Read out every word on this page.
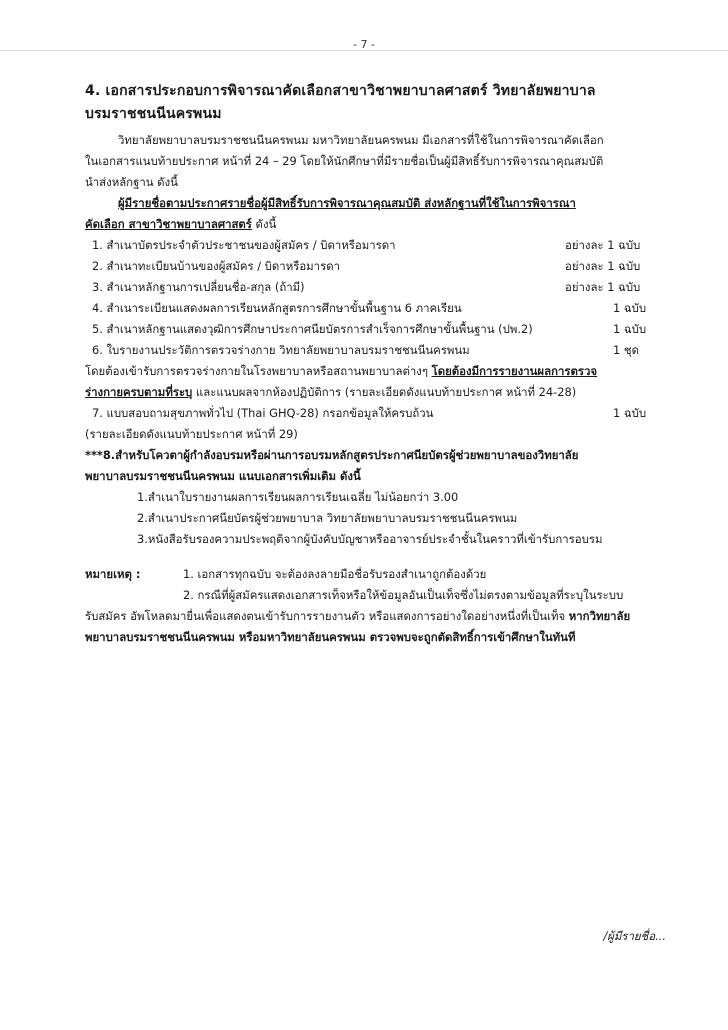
- 7 -

4. เอกสารประกอบการพิจารณาคัดเลือกสาขาวิชาพยาบาลศาสตร์ วิทยาลัยพยาบาล
บรมราชชนนีนครพนม

วิทยาลัยพยาบาลบรมราชชนนีนครพนม มหาวิทยาลัยนครพนม มีเอกสารที่ใช้ในการพิจารณาคัดเลือก

ในเอกสารแนบท้ายประกาศ หน้าที่ 24 – 29 โดยให้นักศึกษาที่มีรายชื่อเป็นผู้มีสิทธิ์รับการพิจารณาคุณสมบัติ
นำส่งหลักฐาน ดังนี้

ผู้มีรายชื่อตามประกาศรายชื่อผู้มีสิทธิ์รับการพิจารณาคุณสมบัติ ส่งหลักฐานที่ใช้ในการพิจารณา

คัดเลือก สาขาวิชาพยาบาลศาสตร์ ดังนี้

1. สำเนาบัตรประจำตัวประชาชนของผู้สมัคร / บิดาหรือมารดา	อย่างละ 1 ฉบับ
2. สำเนาทะเบียนบ้านของผู้สมัคร / บิดาหรือมารดา	อย่างละ 1 ฉบับ
3. สำเนาหลักฐานการเปลี่ยนชื่อ-สกุล (ถ้ามี)	อย่างละ 1 ฉบับ
4. สำเนาระเบียนแสดงผลการเรียนหลักสูตรการศึกษาขั้นพื้นฐาน 6 ภาคเรียน	1 ฉบับ
5. สำเนาหลักฐานแสดงวุฒิการศึกษาประกาศนียบัตรการสำเร็จการศึกษาขั้นพื้นฐาน (ปพ.2)	1 ฉบับ
6. ใบรายงานประวัติการตรวจร่างกาย วิทยาลัยพยาบาลบรมราชชนนีนครพนม	1 ชุด

โดยต้องเข้ารับการตรวจร่างกายในโรงพยาบาลหรือสถานพยาบาลต่างๆ โดยต้องมีการรายงานผลการตรวจ
ร่างกายครบตามที่ระบุ และแนบผลจากห้องปฏิบัติการ (รายละเอียดดังแนบท้ายประกาศ หน้าที่ 24-28)

7. แบบสอบถามสุขภาพทั่วไป (Thai GHQ-28) กรอกข้อมูลให้ครบถ้วน	1 ฉบับ

(รายละเอียดดังแนบท้ายประกาศ หน้าที่ 29)

***8.สำหรับโควตาผู้กำลังอบรมหรือผ่านการอบรมหลักสูตรประกาศนียบัตรผู้ช่วยพยาบาลของวิทยาลัย
พยาบาลบรมราชชนนีนครพนม แนบเอกสารเพิ่มเติม ดังนี้

1.สำเนาใบรายงานผลการเรียนผลการเรียนเฉลี่ย ไม่น้อยกว่า 3.00
2.สำเนาประกาศนียบัตรผู้ช่วยพยาบาล วิทยาลัยพยาบาลบรมราชชนนีนครพนม
3.หนังสือรับรองความประพฤติจากผู้บังคับบัญชาหรืออาจารย์ประจำชั้นในคราวที่เข้ารับการอบรม
หมายเหตุ :	1. เอกสารทุกฉบับ จะต้องลงลายมือชื่อรับรองสำเนาถูกต้องด้วย
2. กรณีที่ผู้สมัครแสดงเอกสารเท็จหรือให้ข้อมูลอันเป็นเท็จซึ่งไม่ตรงตามข้อมูลที่ระบุในระบบ

รับสมัคร อัพโหลดมายื่นเพื่อแสดงตนเข้ารับการรายงานตัว หรือแสดงการอย่างใดอย่างหนึ่งที่เป็นเท็จ หากวิทยาลัย
พยาบาลบรมราชชนนีนครพนม หรือมหาวิทยาลัยนครพนม ตรวจพบจะถูกตัดสิทธิ์การเข้าศึกษาในทันที

/ผู้มีรายชื่อ...
